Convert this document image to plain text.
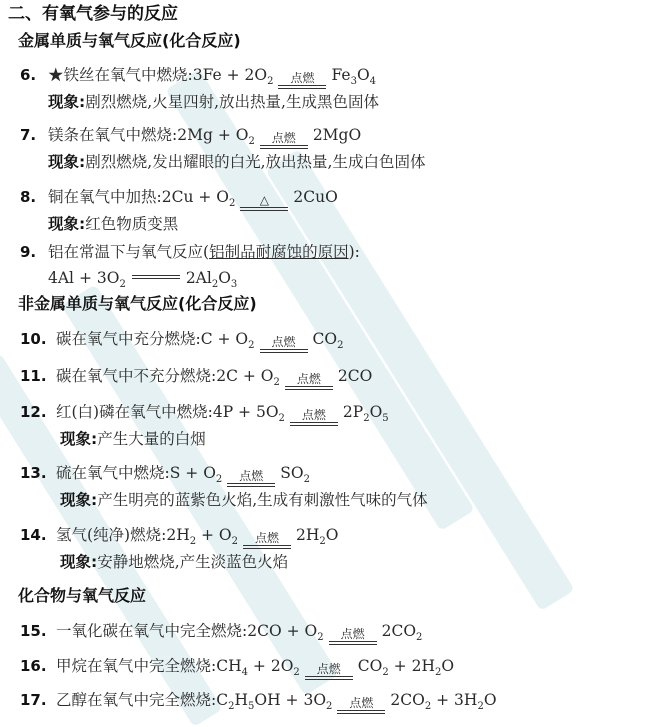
二、有氧气参与的反应
金属单质与氧气反应(化合反应)
6. ★铁丝在氧气中燃烧:3Fe + $2O_2$ 点燃 $Fe_3O_4$
现象:剧烈燃烧,火星四射,放出热量,生成黑色固体
7. 镁条在氧气中燃烧:2Mg + $O_2$ 点燃 2MgO
现象:剧烈燃烧,发出耀眼的白光,放出热量,生成白色固体
8. 铜在氧气中加热:2Cu + $O_2$ △ 2CuO
现象:红色物质变黑
9. 铝在常温下与氧气反应(铝制品耐腐蚀的原因):
$4Al + 3O_2$	$2Al_2O_3$
非金属单质与氧气反应(化合反应)
10. 碳在氧气中充分燃烧:C + $O_2$ 点燃 $CO_2$
11. 碳在氧气中不充分燃烧:2C + $O_2$ 点燃 2CO
12. 红(白)磷在氧气中燃烧:4P + $5O_2$ 点燃 $2P_2O_5$
现象:产生大量的白烟
13. 硫在氧气中燃烧:S + $O_2$ 点燃 $SO_2$
现象:产生明亮的蓝紫色火焰,生成有刺激性气味的气体
14. 氢气(纯净)燃烧$:2H_2 + O_2$ 点燃 $2H_2O$
现象:安静地燃烧,产生淡蓝色火焰
化合物与氧气反应
15. 一氧化碳在氧气中完全燃烧:2CO + $O_2$ 点燃 $2CO_2$
16. 甲烷在氧气中完全燃烧$:CH_4 + 2O_2$ 点燃 $CO_2 + 2H_2O$
17. 乙醇在氧气中完全燃烧$:C_2H_5OH + 3O_2$ 点燃 $2CO_2 + 3H_2O$
